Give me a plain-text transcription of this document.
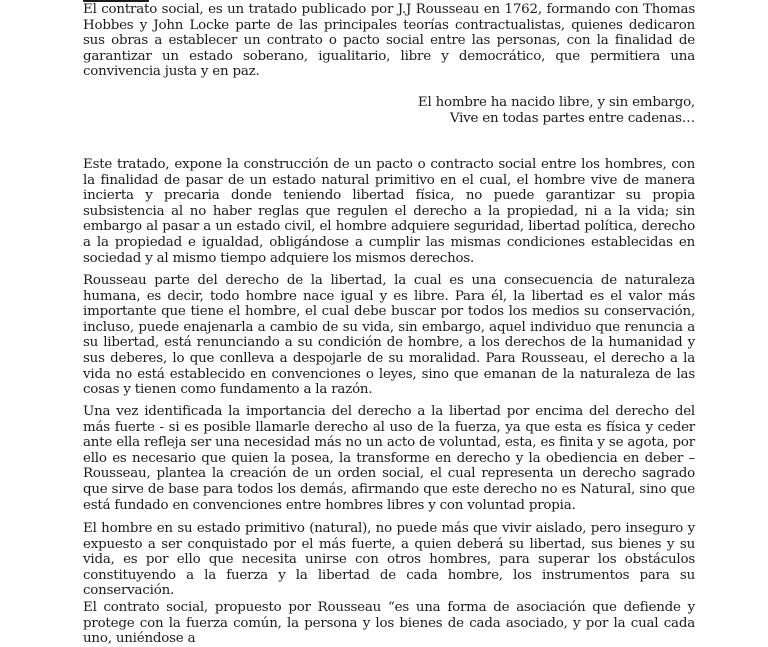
El contrato social, es un tratado publicado por J.J Rousseau en 1762, formando con Thomas Hobbes y John Locke parte de las principales teorías contractualistas, quienes dedicaron sus obras a establecer un contrato o pacto social entre las personas, con la finalidad de garantizar un estado soberano, igualitario, libre y democrático, que permitiera una convivencia justa y en paz.

El hombre ha nacido libre, y sin embargo,
Vive en todas partes entre cadenas…

Este tratado, expone la construcción de un pacto o contracto social entre los hombres, con la finalidad de pasar de un estado natural primitivo en el cual, el hombre vive de manera incierta y precaria donde teniendo libertad física, no puede garantizar su propia subsistencia al no haber reglas que regulen el derecho a la propiedad, ni a la vida; sin embargo al pasar a un estado civil, el hombre adquiere seguridad, libertad política, derecho a la propiedad e igualdad, obligándose a cumplir las mismas condiciones establecidas en sociedad y al mismo tiempo adquiere los mismos derechos.

Rousseau parte del derecho de la libertad, la cual es una consecuencia de naturaleza humana, es decir, todo hombre nace igual y es libre. Para él, la libertad es el valor más importante que tiene el hombre, el cual debe buscar por todos los medios su conservación, incluso, puede enajenarla a cambio de su vida, sin embargo, aquel individuo que renuncia a su libertad, está renunciando a su condición de hombre, a los derechos de la humanidad y sus deberes, lo que conlleva a despojarle de su moralidad. Para Rousseau, el derecho a la vida no está establecido en convenciones o leyes, sino que emanan de la naturaleza de las cosas y tienen como fundamento a la razón.

Una vez identificada la importancia del derecho a la libertad por encima del derecho del más fuerte - si es posible llamarle derecho al uso de la fuerza, ya que esta es física y ceder ante ella refleja ser una necesidad más no un acto de voluntad, esta, es finita y se agota, por ello es necesario que quien la posea, la transforme en derecho y la obediencia en deber – Rousseau, plantea la creación de un orden social, el cual representa un derecho sagrado que sirve de base para todos los demás, afirmando que este derecho no es Natural, sino que está fundado en convenciones entre hombres libres y con voluntad propia.

El hombre en su estado primitivo (natural), no puede más que vivir aislado, pero inseguro y expuesto a ser conquistado por el más fuerte, a quien deberá su libertad, sus bienes y su vida, es por ello que necesita unirse con otros hombres, para superar los obstáculos constituyendo a la fuerza y la libertad de cada hombre, los instrumentos para su conservación.

El contrato social, propuesto por Rousseau “es una forma de asociación que defiende y protege con la fuerza común, la persona y los bienes de cada asociado, y por la cual cada uno, uniéndose a
